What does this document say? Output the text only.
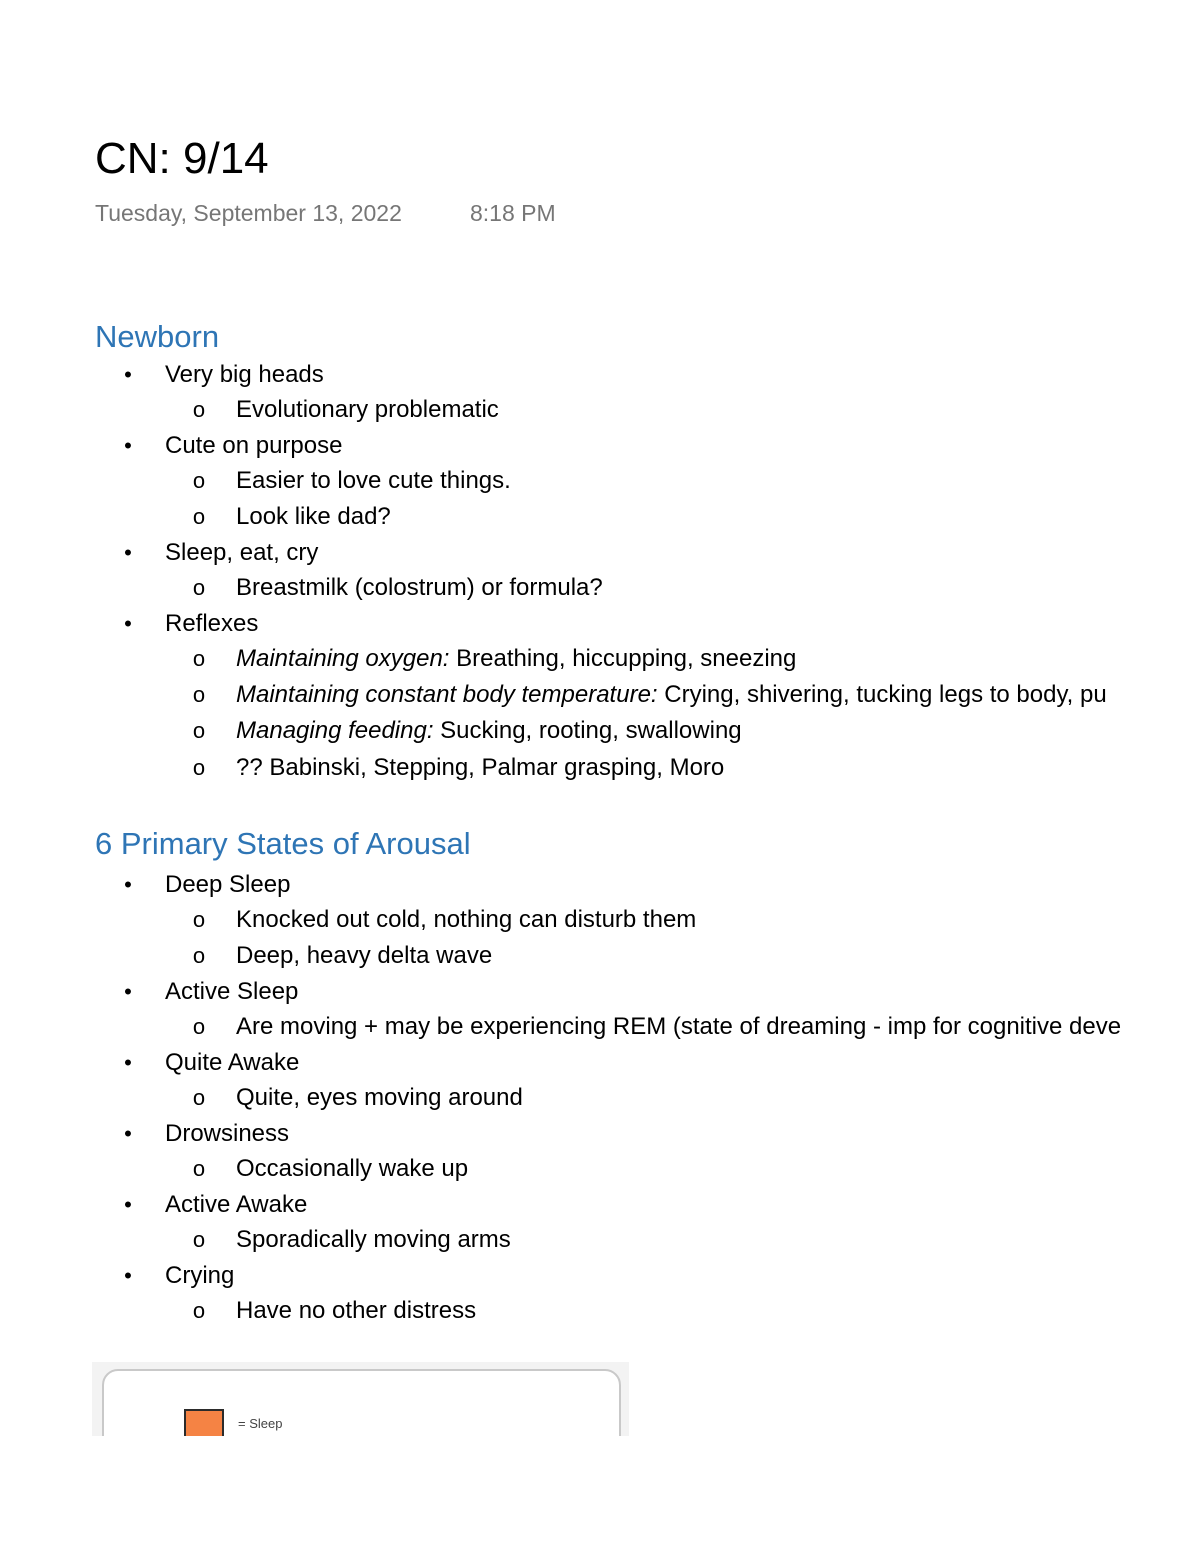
CN: 9/14
Tuesday, September 13, 2022	8:18 PM
Newborn
• Very big heads
o Evolutionary problematic
• Cute on purpose
o Easier to love cute things.
o Look like dad?
• Sleep, eat, cry
o Breastmilk (colostrum) or formula?
• Reflexes
o Maintaining oxygen: Breathing, hiccupping, sneezing
o Maintaining constant body temperature: Crying, shivering, tucking legs to body, pu
o Managing feeding: Sucking, rooting, swallowing
o ?? Babinski, Stepping, Palmar grasping, Moro
6 Primary States of Arousal
• Deep Sleep
o Knocked out cold, nothing can disturb them
o Deep, heavy delta wave
• Active Sleep
o Are moving + may be experiencing REM (state of dreaming - imp for cognitive deve
• Quite Awake
o Quite, eyes moving around
• Drowsiness
o Occasionally wake up
• Active Awake
o Sporadically moving arms
• Crying
o Have no other distress
= Sleep
